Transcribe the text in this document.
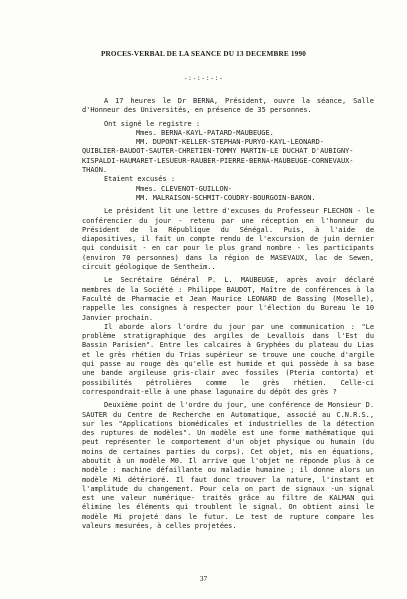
PROCES-VERBAL DE LA SEANCE DU 13 DECEMBRE 1990
-:-:-:-:-

A 17 heures le Dr BERNA, Président, ouvre la séance, Salle d'Honneur des Universités, en présence de 35 personnes.

Ont signé le registre :
Mmes. BERNA-KAYL-PATARD-MAUBEUGE.
MM. DUPONT-KELLER-STEPHAN-PURYO-KAYL-LEONARD-
QUIBLIER-BAUDOT-SAUTER-CHRETIEN-TOMMY MARTIN-LE DUCHAT D'AUBIGNY-
KISPALDI-HAUMARET-LESUEUR-RAUBER-PIERRE-BERNA-MAUBEUGE-CORNEVAUX-
THAON.
Etaient excusés :
Mmes. CLEVENOT-GUILLON-
MM. MALRAISON-SCHMIT-COUDRY-BOURGOIN-BARON.

Le président lit une lettre d'excuses du Professeur FLECHON - le conférencier du jour - retenu par une réception en l'honneur du Président de la République du Sénégal. Puis, à l'aide de diapositives, il fait un compte rendu de l'excursion de juin dernier qui conduisit - en car pour le plus grand nombre - les participants (environ 70 personnes) dans la région de MASEVAUX, lac de Sewen, circuit géologique de Sentheim..

Le Secrétaire Général P. L. MAUBEUGE, après avoir déclaré membres de la Société : Philippe BAUDOT, Maître de conférences à la Faculté de Pharmacie et Jean Maurice LEONARD de Bassing (Moselle), rappelle les consignes à respecter pour l'élection du Bureau le 10 Janvier prochain.

Il aborde alors l'ordre du jour par une communication : "Le problème stratigraphique des argiles de Levallois dans l'Est du Bassin Parisien". Entre les calcaires à Gryphées du plateau du Lias et le grès rhétien du Trias supérieur se trouve une couche d'argile qui passe au rouge dès qu'elle est humide et qui possède à sa base une bande argileuse gris-clair avec fossiles (Pteria contorta) et possibilités pétrolières comme le grès rhétien. Celle-ci correspondrait-elle à une phase lagunaire du dépôt des grès ?

Deuxième point de l'ordre du jour, une conférence de Monsieur D. SAUTER du Centre de Recherche en Automatique, associé au C.N.R.S., sur les "Applications biomédicales et industrielles de la détection des ruptures de modèles". Un modèle est une forme mathématique qui peut représenter le comportement d'un objet physique ou humain (du moins de certaines parties du corps). Cet objet, mis en équations, aboutit à un modèle M0. Il arrive que l'objet ne réponde plus à ce modèle : machine défaillante ou maladie humaine ; il donne alors un modèle Mi détérioré. Il faut donc trouver la nature, l'instant et l'amplitude du changement. Pour cela on part de signaux -un signal est une valeur numérique- traités grâce au filtre de KALMAN qui élimine les éléments qui troublent le signal. On obtient ainsi le modèle Mi projeté dans le futur. Le test de rupture compare les valeurs mesurées, à celles projetées.

37
